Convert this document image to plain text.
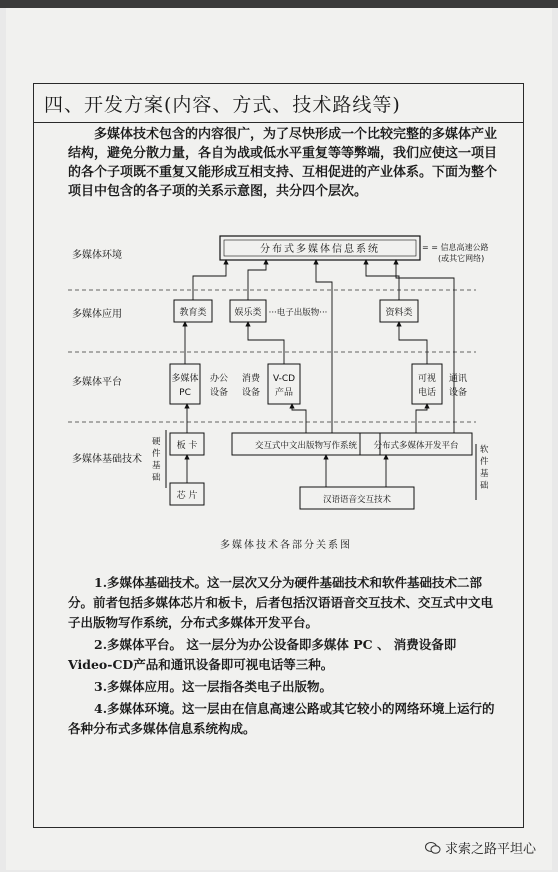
四、开发方案(内容、方式、技术路线等)
多媒体技术包含的内容很广，为了尽快形成一个比较完整的多媒体产业结构，避免分散力量，各自为战或低水平重复等等弊端，我们应使这一项目的各个子项既不重复又能形成互相支持、互相促进的产业体系。下面为整个项目中包含的各子项的关系示意图，共分四个层次。
多媒体环境
多媒体应用
多媒体平台
多媒体基础技术
分布式多媒体信息系统	= = 信息高速公路
(或其它网络)
教育类	娱乐类 ···电子出版物···	资料类
多媒体
PC
办公
设备
消费
设备
V-CD
产品
可视
电话
通讯
设备
板 卡
芯 片
硬
件
基
础
交互式中文出版物写作系统 分布式多媒体开发平台
汉语语音交互技术
软
件
基
础
多媒体技术各部分关系图

1.多媒体基础技术。这一层次又分为硬件基础技术和软件基础技术二部分。前者包括多媒体芯片和板卡，后者包括汉语语音交互技术、交互式中文电子出版物写作系统，分布式多媒体开发平台。

2.多媒体平台。 这一层分为办公设备即多媒体 PC 、 消费设备即Video-CD产品和通讯设备即可视电话等三种。

3.多媒体应用。这一层指各类电子出版物。

4.多媒体环境。这一层由在信息高速公路或其它较小的网络环境上运行的各种分布式多媒体信息系统构成。

求索之路平坦心
